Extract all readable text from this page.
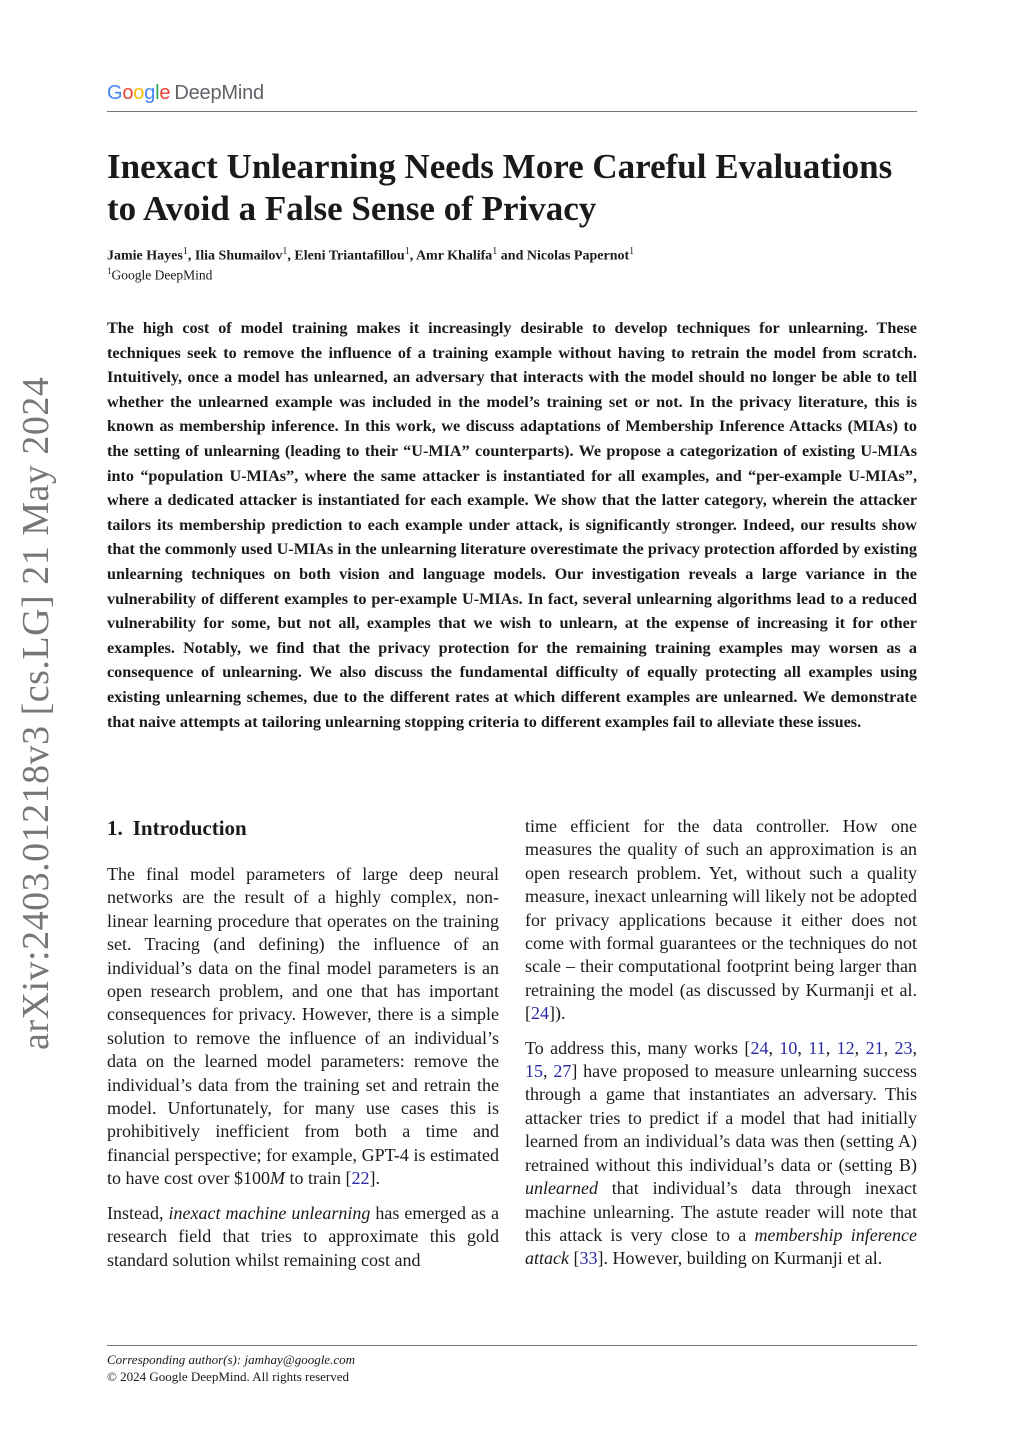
Google DeepMind
Inexact Unlearning Needs More Careful Evaluations to Avoid a False Sense of Privacy
Jamie Hayes$^1$, Ilia Shumailov$^1$, Eleni Triantafillou$^1$, Amr Khalifa$^1$ and Nicolas Papernot$^1$
$^1$Google DeepMind

The high cost of model training makes it increasingly desirable to develop techniques for unlearning. These techniques seek to remove the influence of a training example without having to retrain the model from scratch. Intuitively, once a model has unlearned, an adversary that interacts with the model should no longer be able to tell whether the unlearned example was included in the model’s training set or not. In the privacy literature, this is known as membership inference. In this work, we discuss adaptations of Membership Inference Attacks (MIAs) to the setting of unlearning (leading to their “U-MIA” counterparts). We propose a categorization of existing U-MIAs into “population U-MIAs”, where the same attacker is instantiated for all examples, and “per-example U-MIAs”, where a dedicated attacker is instantiated for each example. We show that the latter category, wherein the attacker tailors its membership prediction to each example under attack, is significantly stronger. Indeed, our results show that the commonly used U-MIAs in the unlearning literature overestimate the privacy protection afforded by existing unlearning techniques on both vision and language models. Our investigation reveals a large variance in the vulnerability of different examples to per-example U-MIAs. In fact, several unlearning algorithms lead to a reduced vulnerability for some, but not all, examples that we wish to unlearn, at the expense of increasing it for other examples. Notably, we find that the privacy protection for the remaining training examples may worsen as a consequence of unlearning. We also discuss the fundamental difficulty of equally protecting all examples using existing unlearning schemes, due to the different rates at which different examples are unlearned. We demonstrate that naive attempts at tailoring unlearning stopping criteria to different examples fail to alleviate these issues.

arXiv:2403.01218v3 [cs.LG] 21 May 2024 1. Introduction

The final model parameters of large deep neural networks are the result of a highly complex, non-linear learning procedure that operates on the training set. Tracing (and defining) the influence of an individual’s data on the final model parameters is an open research problem, and one that has important consequences for privacy. However, there is a simple solution to remove the influence of an individual’s data on the learned model parameters: remove the individual’s data from the training set and retrain the model. Unfortunately, for many use cases this is prohibitively inefficient from both a time and financial perspective; for example, GPT-4 is estimated to have cost over $100M to train [22].

Instead, inexact machine unlearning has emerged as a research field that tries to approximate this gold standard solution whilst remaining cost and

time efficient for the data controller. How one measures the quality of such an approximation is an open research problem. Yet, without such a quality measure, inexact unlearning will likely not be adopted for privacy applications because it either does not come with formal guarantees or the techniques do not scale – their computational footprint being larger than retraining the model (as discussed by Kurmanji et al. [24]).

To address this, many works [24, 10, 11, 12, 21, 23, 15, 27] have proposed to measure unlearning success through a game that instantiates an adversary. This attacker tries to predict if a model that had initially learned from an individual’s data was then (setting A) retrained without this individual’s data or (setting B) unlearned that individual’s data through inexact machine unlearning. The astute reader will note that this attack is very close to a membership inference attack [33]. However, building on Kurmanji et al.

Corresponding author(s): jamhay@google.com
© 2024 Google DeepMind. All rights reserved
